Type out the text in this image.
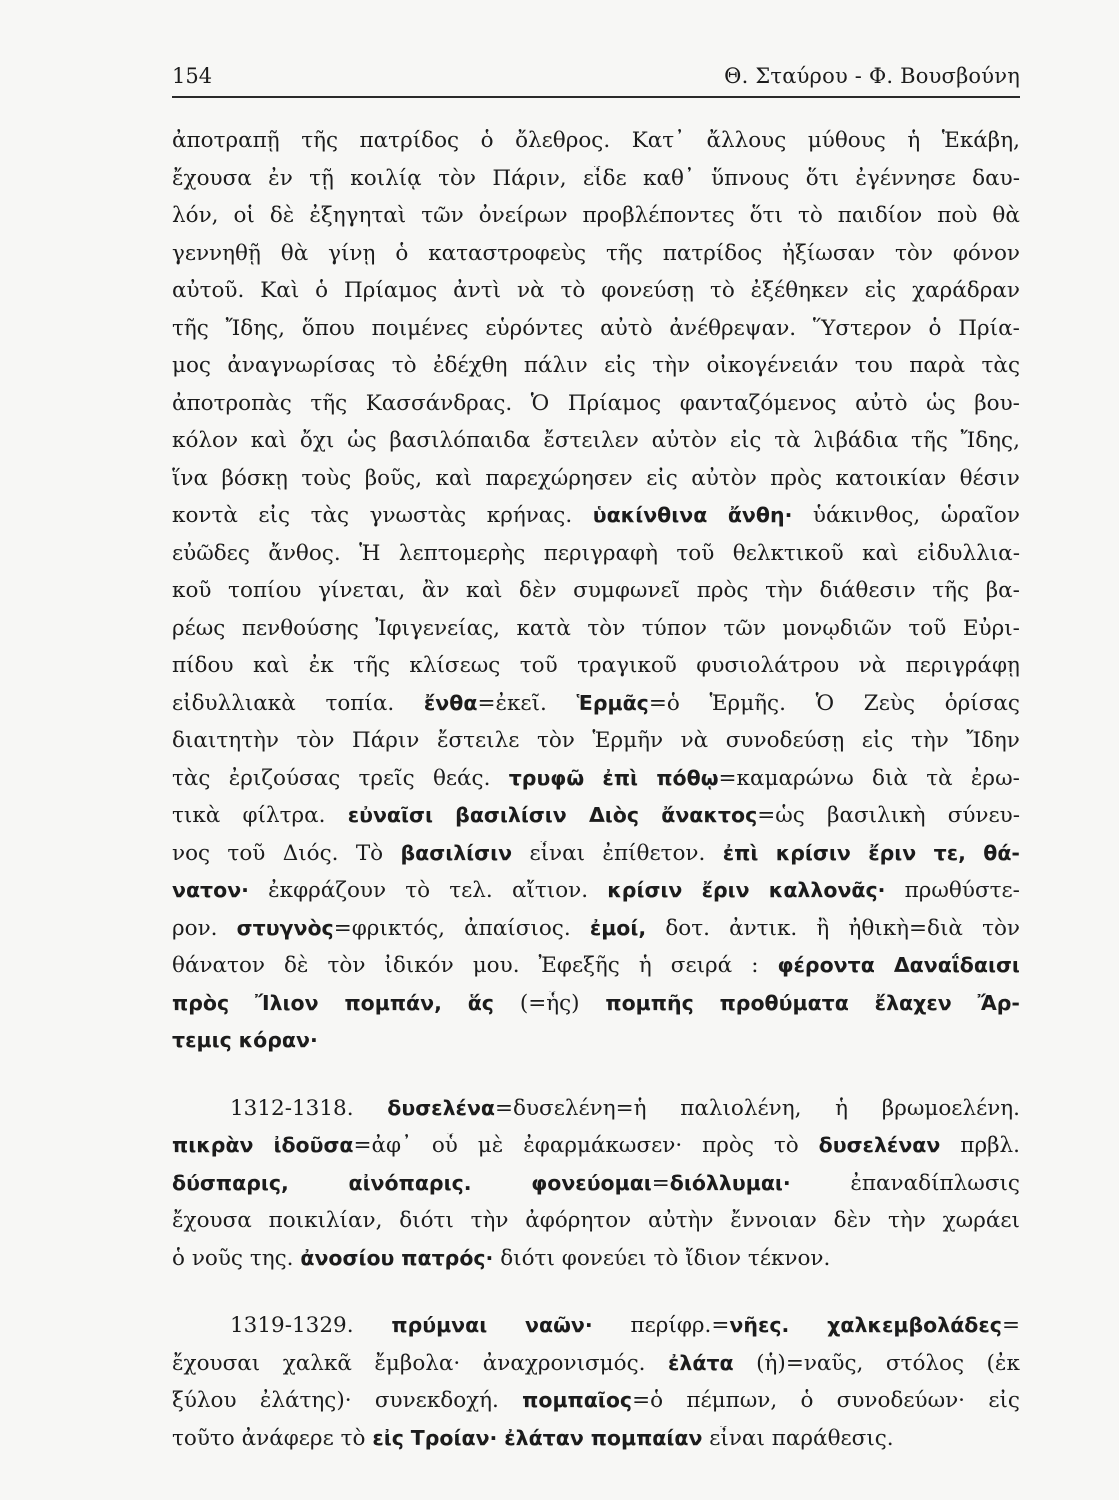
154	Θ. Σταύρου - Φ. Βουσβούνη
ἀποτραπῇ τῆς πατρίδος ὁ ὄλεθρος. Κατ᾿ ἄλλους μύθους ἡ Ἑκάβη,
ἔχουσα ἐν τῇ κοιλίᾳ τὸν Πάριν, εἶδε καθ᾿ ὕπνους ὅτι ἐγέννησε δαυ-
λόν, οἱ δὲ ἐξηγηταὶ τῶν ὀνείρων προβλέποντες ὅτι τὸ παιδίον ποὺ θὰ
γεννηθῇ θὰ γίνῃ ὁ καταστροφεὺς τῆς πατρίδος ἠξίωσαν τὸν φόνον
αὐτοῦ. Καὶ ὁ Πρίαμος ἀντὶ νὰ τὸ φονεύσῃ τὸ ἐξέθηκεν εἰς χαράδραν
τῆς Ἴδης, ὅπου ποιμένες εὑρόντες αὐτὸ ἀνέθρεψαν. Ὕστερον ὁ Πρία-
μος ἀναγνωρίσας τὸ ἐδέχθη πάλιν εἰς τὴν οἰκογένειάν του παρὰ τὰς
ἀποτροπὰς τῆς Κασσάνδρας. Ὁ Πρίαμος φανταζόμενος αὐτὸ ὡς βου-
κόλον καὶ ὄχι ὡς βασιλόπαιδα ἔστειλεν αὐτὸν εἰς τὰ λιβάδια τῆς Ἴδης,
ἵνα βόσκῃ τοὺς βοῦς, καὶ παρεχώρησεν εἰς αὐτὸν πρὸς κατοικίαν θέσιν
κοντὰ εἰς τὰς γνωστὰς κρήνας. ὑακίνθινα ἄνθη· ὑάκινθος, ὡραῖον
εὐῶδες ἄνθος. Ἡ λεπτομερὴς περιγραφὴ τοῦ θελκτικοῦ καὶ εἰδυλλια-
κοῦ τοπίου γίνεται, ἂν καὶ δὲν συμφωνεῖ πρὸς τὴν διάθεσιν τῆς βα-
ρέως πενθούσης Ἰφιγενείας, κατὰ τὸν τύπον τῶν μονῳδιῶν τοῦ Εὐρι-
πίδου καὶ ἐκ τῆς κλίσεως τοῦ τραγικοῦ φυσιολάτρου νὰ περιγράφῃ
εἰδυλλιακὰ τοπία. ἔνθα=ἐκεῖ. Ἑρμᾶς=ὁ Ἑρμῆς. Ὁ Ζεὺς ὁρίσας
διαιτητὴν τὸν Πάριν ἔστειλε τὸν Ἑρμῆν νὰ συνοδεύσῃ εἰς τὴν Ἴδην
τὰς ἐριζούσας τρεῖς θεάς. τρυφῶ ἐπὶ πόθῳ=καμαρώνω διὰ τὰ ἐρω-
τικὰ φίλτρα. εὐναῖσι βασιλίσιν Διὸς ἄνακτος=ὡς βασιλικὴ σύνευ-
νος τοῦ Διός. Τὸ βασιλίσιν εἶναι ἐπίθετον. ἐπὶ κρίσιν ἔριν τε, θά-
νατον· ἐκφράζουν τὸ τελ. αἴτιον. κρίσιν ἔριν καλλονᾶς· πρωθύστε-
ρον. στυγνὸς=φρικτός, ἀπαίσιος. ἐμοί, δοτ. ἀντικ. ἢ ἠθικὴ=διὰ τὸν
θάνατον δὲ τὸν ἰδικόν μου. Ἐφεξῆς ἡ σειρά : φέροντα Δαναΐδαισι
πρὸς Ἴλιον πομπάν, ἅς (=ἧς) πομπῆς προθύματα ἔλαχεν Ἄρ-
τεμις κόραν·
1312-1318. δυσελένα=δυσελένη=ἡ παλιολένη, ἡ βρωμοελένη.
πικρὰν ἰδοῦσα=ἀφ᾿ οὗ μὲ ἐφαρμάκωσεν· πρὸς τὸ δυσελέναν πρβλ.
δύσπαρις,	αἰνόπαρις.	φονεύομαι=διόλλυμαι·	ἐπαναδίπλωσις
ἔχουσα ποικιλίαν, διότι τὴν ἀφόρητον αὐτὴν ἔννοιαν δὲν τὴν χωράει
ὁ νοῦς της. ἀνοσίου πατρός· διότι φονεύει τὸ ἴδιον τέκνον.
1319-1329. πρύμναι ναῶν· περίφρ.=νῆες. χαλκεμβολάδες=
ἔχουσαι χαλκᾶ ἔμβολα· ἀναχρονισμός. ἐλάτα (ἡ)=ναῦς, στόλος (ἐκ
ξύλου ἐλάτης)· συνεκδοχή. πομπαῖος=ὁ πέμπων, ὁ συνοδεύων· εἰς
τοῦτο ἀνάφερε τὸ εἰς Τροίαν· ἐλάταν πομπαίαν εἶναι παράθεσις.
